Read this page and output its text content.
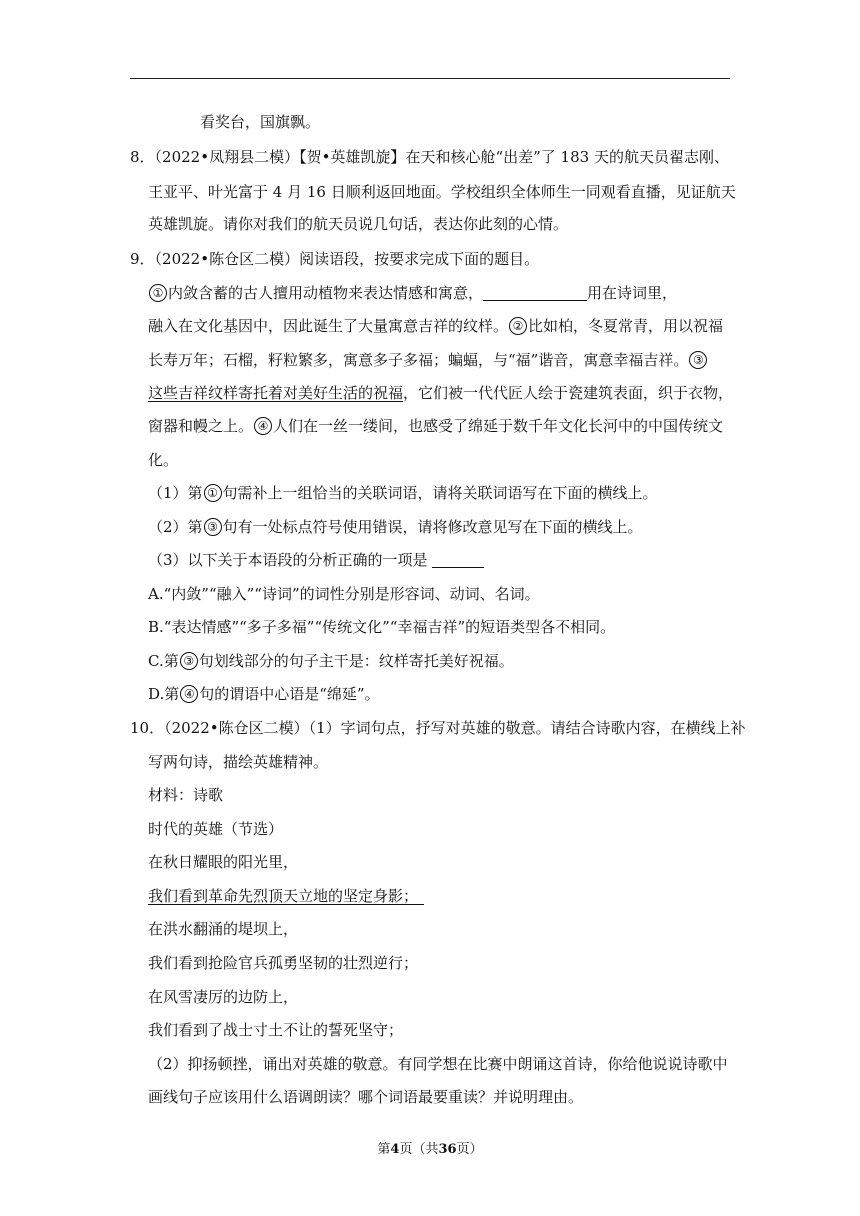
看奖台，国旗飘。
8．（2022•凤翔县二模）【贺•英雄凯旋】在天和核心舱“出差”了 183 天的航天员翟志刚、
王亚平、叶光富于 4 月 16 日顺利返回地面。学校组织全体师生一同观看直播，见证航天
英雄凯旋。请你对我们的航天员说几句话，表达你此刻的心情。
9．（2022•陈仓区二模）阅读语段，按要求完成下面的题目。
① 内敛含蓄的古人擅用动植物来表达情感和寓意，	用在诗词里，
融入在文化基因中，因此诞生了大量寓意吉祥的纹样。 ② 比如柏，冬夏常青，用以祝福
长寿万年；石榴，籽粒繁多，寓意多子多福；蝙蝠，与“福”谐音，寓意幸福吉祥。 ③
这些吉祥纹样寄托着对美好生活的祝福，它们被一代代匠人绘于瓷建筑表面，织于衣物，
窗器和幔之上。 ④ 人们在一丝一缕间，也感受了绵延于数千年文化长河中的中国传统文
化。
（1）第 ① 句需补上一组恰当的关联词语，请将关联词语写在下面的横线上。
（2）第 ③ 句有一处标点符号使用错误，请将修改意见写在下面的横线上。
（3）以下关于本语段的分析正确的一项是
A.“内敛”“融入”“诗词”的词性分别是形容词、动词、名词。
B.“表达情感”“多子多福”“传统文化”“幸福吉祥”的短语类型各不相同。
C.第 ③ 句划线部分的句子主干是：纹样寄托美好祝福。
D.第 ④ 句的谓语中心语是“绵延”。
10．（2022•陈仓区二模）（1）字词句点，抒写对英雄的敬意。请结合诗歌内容，在横线上补
写两句诗，描绘英雄精神。
材料：诗歌
时代的英雄（节选）
在秋日耀眼的阳光里，
我们看到革命先烈顶天立地的坚定身影；
在洪水翻涌的堤坝上，
我们看到抢险官兵孤勇坚韧的壮烈逆行；
在风雪凄厉的边防上，
我们看到了战士寸土不让的誓死坚守；
（2）抑扬顿挫，诵出对英雄的敬意。有同学想在比赛中朗诵这首诗，你给他说说诗歌中
画线句子应该用什么语调朗读？哪个词语最要重读？并说明理由。
第4页（共36页）
